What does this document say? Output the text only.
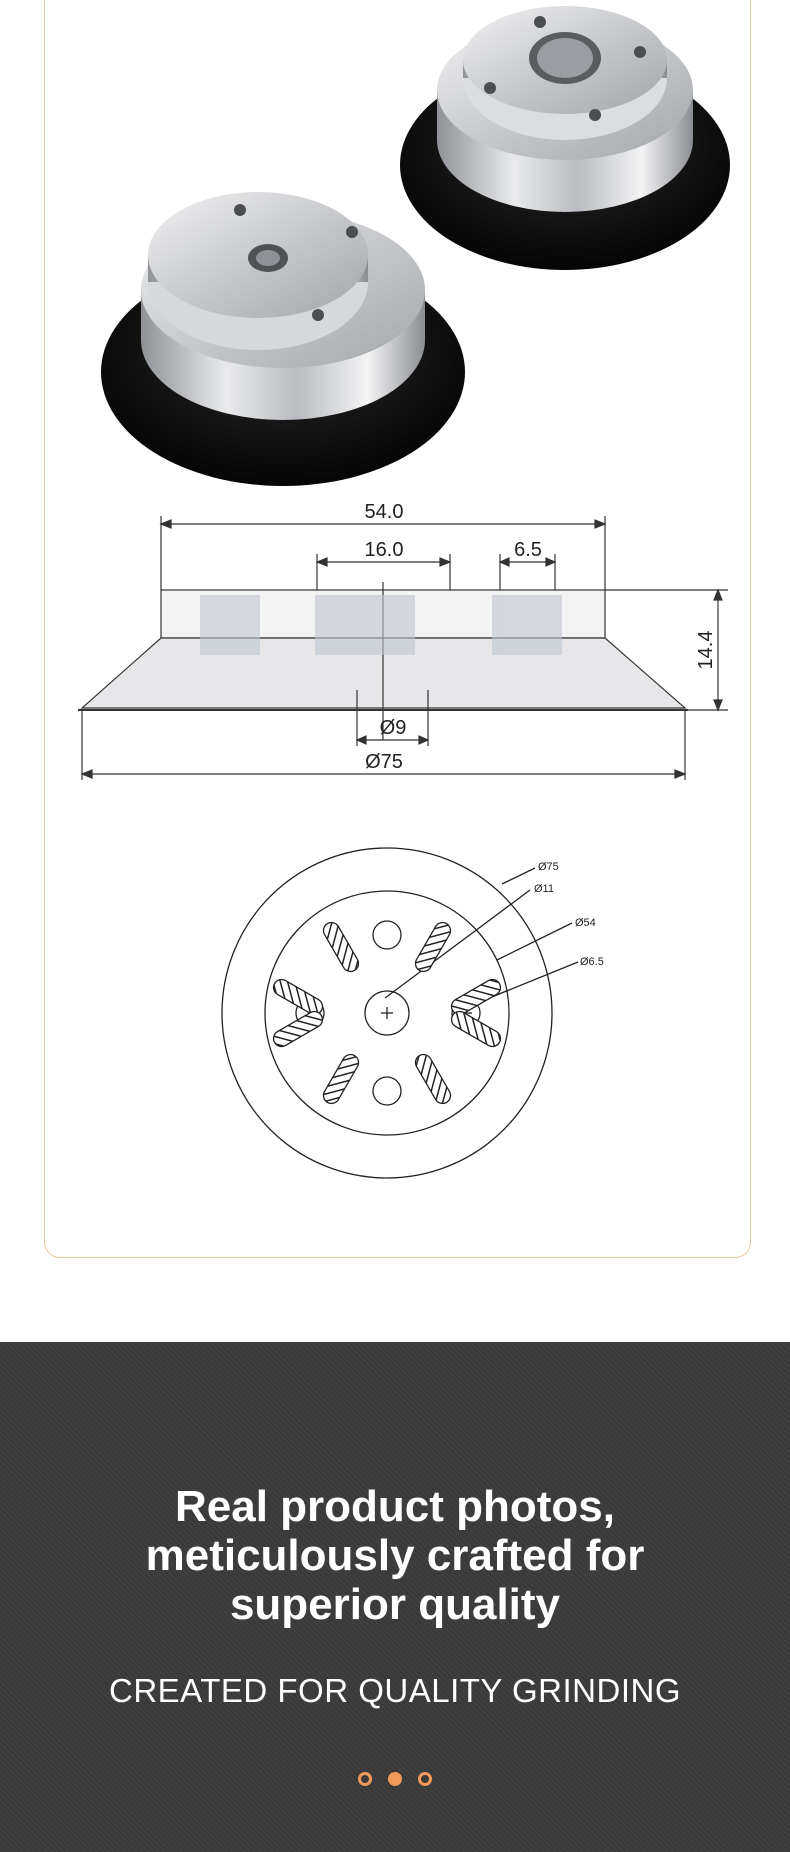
54.0
16.0	6.5
14.4
Ø9
Ø75
Ø75
Ø11
Ø54
Ø6.5
Real product photos,
meticulously crafted for
superior quality
CREATED FOR QUALITY GRINDING
